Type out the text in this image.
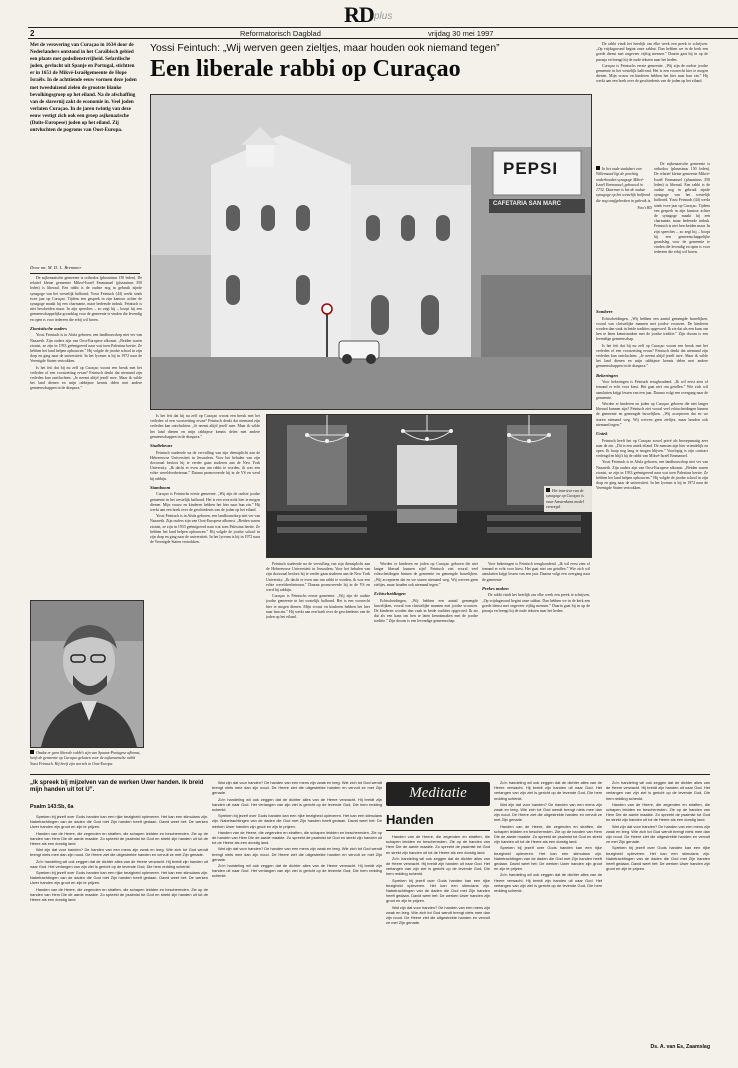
RD plus
2	Reformatorisch Dagblad	vrijdag 30 mei 1997
Met de verovering van Curaçao in 1634 door de Nederlanders ontstond in het Caraïbisch gebied een plaats met godsdienstvrijheid. Sefardische joden, gevlucht uit Spanje en Portugal, stichtten er in 1651 de Mikvé-Israëlgemeente de Hope Israëls. In de achttiende eeuw vormen deze joden met tweeduizend zielen de grootste blanke bevolkingsgroep op het eiland. Na de afschaffing van de slavernij zakt de economie in. Veel joden verlaten Curaçao. In de jaren twintig van deze eeuw vestigt zich ook een groep asjkenazische (Duits-Europese) joden op het eiland. Zij ontvluchten de pogroms van Oost-Europa.
Door mr. M. D. L. Bremmer

De asjkenazische gemeente is orthodox (plusminus 150 leden). De relatief kleine gemeente Mikvé-Israël Emmanuel (plusminus 350 leden) is liberaal. Een rabbi is de oudste nog in gebruik zijnde synagoge van het westelijk halfrond. Yossi Feintuch (44) werkt sinds twee jaar op Curaçao. Tijdens een gesprek in zijn kantoor achter de synagoge maakt hij een charmante, maar bedeesde indruk. Feintuch is niet bescheiden maar. In zijn speeches – zo zegt hij – hoopt hij een gemeenschappelijke grondslag voor de gemeente te vinden die levendig en open is voor iedereen die erbij wil horen.

Zionistische ouders

Yossi Feintuch is in Afula geboren, een landbouwdorp niet ver van Nazareth. Zijn ouders zijn van Oost-Europese afkomst. „Beiden waren zionist, ze zijn in 1933 geëmigreerd naar wat toen Palestina heette. Ze hebben het land helpen opbouwen.” Hij volgde de joodse school in zijn dorp en ging naar de universiteit. In het lyceum is hij in 1972 naar de Verenigde Staten vertrokken.

Is het feit dat hij nu zelf op Curaçao woont een breuk met het verleden of een voortzetting ervan? Feintuch denkt dat niemand zijn verleden kan ontvluchten. „Je neemt altijd jezelf mee. Maar ik wilde het land dienen en mijn rabbijnse kennis delen met andere gemeenschappen in de diaspora.”

Omdat er geen liberale rabbi's zijn van Spaans-Portugese afkomst, heeft de gemeente op Curaçao gekozen voor de asjkenazische rabbi Yossi Feintuch. Hij heeft zijn wortels in Oost-Europa.
Yossi Feintuch: „Wij werven geen zieltjes, maar houden ook niemand tegen”
Een liberale rabbi op Curaçao
PEPSI
CAFETARIA SAN MARC
In het oude stadshart van Willemstad ligt de prachtig onderhouden synagoge Mikvé-Israël Emmanuel, gebouwd in 1732. Daarmee is het de oudste synagoge op het westelijk halfrond die nog onafgebroken in gebruik is.
Foto's RD

De rabbi vindt het heerlijk om elke week een preek te schrijven. „Op vrijdagavond begint onze sabbat. Dan hebben we in de kerk een goede dienst met ongeveer vijftig mensen.” Daarin gaat hij in op de parasja en brengt hij de oude teksten naar het heden.

Curaçao is Feintuchs eerste gemeente. „Wij zijn de oudste joodse gemeente in het westelijk halfrond. Het is een voorrecht hier te mogen dienen. Mijn vrouw en kinderen hebben het hier naar hun zin.” Hij werkt aan een boek over de geschiedenis van de joden op het eiland.

De asjkenazische gemeente is orthodox (plusminus 150 leden). De relatief kleine gemeente Mikvé-Israël Emmanuel (plusminus 350 leden) is liberaal. Een rabbi is de oudste nog in gebruik zijnde synagoge van het westelijk halfrond. Yossi Feintuch (44) werkt sinds twee jaar op Curaçao. Tijdens een gesprek in zijn kantoor achter de synagoge maakt hij een charmante, maar bedeesde indruk. Feintuch is niet bescheiden maar. In zijn speeches – zo zegt hij – hoopt hij een gemeenschappelijke grondslag voor de gemeente te vinden die levendig en open is voor iedereen die erbij wil horen.

Sombere

Echtscheidingen, „Wij hebben een aantal gemengde huwelijken, vooral van christelijke mannen met joodse vrouwen. De kinderen worden dan vaak in beide tradities opgevoed. Ik zie dat als een kans om hen te laten kennismaken met de joodse traditie.” Zijn droom is een levendige gemeenschap.

Is het feit dat hij nu zelf op Curaçao woont een breuk met het verleden of een voortzetting ervan? Feintuch denkt dat niemand zijn verleden kan ontvluchten. „Je neemt altijd jezelf mee. Maar ik wilde het land dienen en mijn rabbijnse kennis delen met andere gemeenschappen in de diaspora.”

Bekeringen

Voor bekeringen is Feintuch terughoudend. „Ik wil eerst zien of iemand er echt voor kiest. Het gaat niet om getallen.” Wie zich wil aansluiten krijgt lessen van een jaar. Daarna volgt een overgang naar de gemeente.

Worden er kinderen en joden op Curaçao geboren die niet langer liberaal kunnen zijn? Feintuch ziet vooral veel echtscheidingen binnen de gemeente en gemengde huwelijken. „Wij accepteren dat en we sturen niemand weg. Wij werven geen zieltjes, maar houden ook niemand tegen.”

Uniek

Feintuch heeft het op Curaçao zowel privé als beroepsmatig zeer naar de zin. „Dit is een uniek eiland. De mensen zijn hier vriendelijk en open. Ik hoop nog lang te mogen blijven.” Voorlopig is zijn contract verlengd en blijft hij de rabbi van Mikvé-Israël Emmanuel.

Yossi Feintuch is in Afula geboren, een landbouwdorp niet ver van Nazareth. Zijn ouders zijn van Oost-Europese afkomst. „Beiden waren zionist, ze zijn in 1933 geëmigreerd naar wat toen Palestina heette. Ze hebben het land helpen opbouwen.” Hij volgde de joodse school in zijn dorp en ging naar de universiteit. In het lyceum is hij in 1972 naar de Verenigde Staten vertrokken.

Is het feit dat hij nu zelf op Curaçao woont een breuk met het verleden of een voortzetting ervan? Feintuch denkt dat niemand zijn verleden kan ontvluchten. „Je neemt altijd jezelf mee. Maar ik wilde het land dienen en mijn rabbijnse kennis delen met andere gemeenschappen in de diaspora.”

Studiebeurs

Feintuch studeerde na de vervulling van zijn dienstplicht aan de Hebreeuwse Universiteit in Jeruzalem. Voor het behalen van zijn doctoraal besloot hij te verder gaan studeren aan de New York University. „Ik dacht er even aan om rabbi te worden, ik was een echte wereldverbeteraar.” Daarna promoveerde hij in de VS en werd hij rabbijn.

Stamboom

Curaçao is Feintuchs eerste gemeente. „Wij zijn de oudste joodse gemeente in het westelijk halfrond. Het is een voorrecht hier te mogen dienen. Mijn vrouw en kinderen hebben het hier naar hun zin.” Hij werkt aan een boek over de geschiedenis van de joden op het eiland.

Yossi Feintuch is in Afula geboren, een landbouwdorp niet ver van Nazareth. Zijn ouders zijn van Oost-Europese afkomst. „Beiden waren zionist, ze zijn in 1933 geëmigreerd naar wat toen Palestina heette. Ze hebben het land helpen opbouwen.” Hij volgde de joodse school in zijn dorp en ging naar de universiteit. In het lyceum is hij in 1972 naar de Verenigde Staten vertrokken.

Feintuch studeerde na de vervulling van zijn dienstplicht aan de Hebreeuwse Universiteit in Jeruzalem. Voor het behalen van zijn doctoraal besloot hij te verder gaan studeren aan de New York University. „Ik dacht er even aan om rabbi te worden, ik was een echte wereldverbeteraar.” Daarna promoveerde hij in de VS en werd hij rabbijn.

Curaçao is Feintuchs eerste gemeente. „Wij zijn de oudste joodse gemeente in het westelijk halfrond. Het is een voorrecht hier te mogen dienen. Mijn vrouw en kinderen hebben het hier naar hun zin.” Hij werkt aan een boek over de geschiedenis van de joden op het eiland.

Worden er kinderen en joden op Curaçao geboren die niet langer liberaal kunnen zijn? Feintuch ziet vooral veel echtscheidingen binnen de gemeente en gemengde huwelijken. „Wij accepteren dat en we sturen niemand weg. Wij werven geen zieltjes, maar houden ook niemand tegen.”

Echtscheidingen

Echtscheidingen, „Wij hebben een aantal gemengde huwelijken, vooral van christelijke mannen met joodse vrouwen. De kinderen worden dan vaak in beide tradities opgevoed. Ik zie dat als een kans om hen te laten kennismaken met de joodse traditie.” Zijn droom is een levendige gemeenschap.

Voor bekeringen is Feintuch terughoudend. „Ik wil eerst zien of iemand er echt voor kiest. Het gaat niet om getallen.” Wie zich wil aansluiten krijgt lessen van een jaar. Daarna volgt een overgang naar de gemeente.

Prekes maken

De rabbi vindt het heerlijk om elke week een preek te schrijven. „Op vrijdagavond begint onze sabbat. Dan hebben we in de kerk een goede dienst met ongeveer vijftig mensen.” Daarin gaat hij in op de parasja en brengt hij de oude teksten naar het heden.

„Ik spreek bij mijzelven van de werken Uwer handen. Ik breid mijn handen uit tot U”.
Psalm 143:5b, 6a

Spreken bij jezelf over Gods handen kan een rijke bezigheid opleveren. Het kan een stimulans zijn. Nabetrachtingen van de daden die God met Zijn handen heeft gedaan. David weet het: De werken Uwer handen zijn groot en zijn te prijzen.

Handen van de Heere, die zegenden en straften, die schapen leidden en beschermden. Zie op de handen van Hem Die de aarde maakte. Zo spreekt de psalmist tot God en strekt zijn handen uit tot de Heere als een dorstig land.

Wat zijn dat voor handen? De handen van een mens zijn zwak en leeg. Wie zich tot God wendt brengt niets mee dan zijn nood. De Heere ziet die uitgestrekte handen en vervult ze met Zijn genade.

Zo'n handeling wil ook zeggen dat de dichter alles van de Heere verwacht. Hij breidt zijn handen uit naar God. Het verlangen van zijn ziel is gericht op de levende God, Die hem redding schenkt.

Spreken bij jezelf over Gods handen kan een rijke bezigheid opleveren. Het kan een stimulans zijn. Nabetrachtingen van de daden die God met Zijn handen heeft gedaan. David weet het: De werken Uwer handen zijn groot en zijn te prijzen.

Handen van de Heere, die zegenden en straften, die schapen leidden en beschermden. Zie op de handen van Hem Die de aarde maakte. Zo spreekt de psalmist tot God en strekt zijn handen uit tot de Heere als een dorstig land.

Wat zijn dat voor handen? De handen van een mens zijn zwak en leeg. Wie zich tot God wendt brengt niets mee dan zijn nood. De Heere ziet die uitgestrekte handen en vervult ze met Zijn genade.

Zo'n handeling wil ook zeggen dat de dichter alles van de Heere verwacht. Hij breidt zijn handen uit naar God. Het verlangen van zijn ziel is gericht op de levende God, Die hem redding schenkt.

Spreken bij jezelf over Gods handen kan een rijke bezigheid opleveren. Het kan een stimulans zijn. Nabetrachtingen van de daden die God met Zijn handen heeft gedaan. David weet het: De werken Uwer handen zijn groot en zijn te prijzen.

Handen van de Heere, die zegenden en straften, die schapen leidden en beschermden. Zie op de handen van Hem Die de aarde maakte. Zo spreekt de psalmist tot God en strekt zijn handen uit tot de Heere als een dorstig land.

Wat zijn dat voor handen? De handen van een mens zijn zwak en leeg. Wie zich tot God wendt brengt niets mee dan zijn nood. De Heere ziet die uitgestrekte handen en vervult ze met Zijn genade.

Zo'n handeling wil ook zeggen dat de dichter alles van de Heere verwacht. Hij breidt zijn handen uit naar God. Het verlangen van zijn ziel is gericht op de levende God, Die hem redding schenkt.

Meditatie
Handen

Handen van de Heere, die zegenden en straften, die schapen leidden en beschermden. Zie op de handen van Hem Die de aarde maakte. Zo spreekt de psalmist tot God en strekt zijn handen uit tot de Heere als een dorstig land.

Zo'n handeling wil ook zeggen dat de dichter alles van de Heere verwacht. Hij breidt zijn handen uit naar God. Het verlangen van zijn ziel is gericht op de levende God, Die hem redding schenkt.

Spreken bij jezelf over Gods handen kan een rijke bezigheid opleveren. Het kan een stimulans zijn. Nabetrachtingen van de daden die God met Zijn handen heeft gedaan. David weet het: De werken Uwer handen zijn groot en zijn te prijzen.

Wat zijn dat voor handen? De handen van een mens zijn zwak en leeg. Wie zich tot God wendt brengt niets mee dan zijn nood. De Heere ziet die uitgestrekte handen en vervult ze met Zijn genade.

Zo'n handeling wil ook zeggen dat de dichter alles van de Heere verwacht. Hij breidt zijn handen uit naar God. Het verlangen van zijn ziel is gericht op de levende God, Die hem redding schenkt.

Wat zijn dat voor handen? De handen van een mens zijn zwak en leeg. Wie zich tot God wendt brengt niets mee dan zijn nood. De Heere ziet die uitgestrekte handen en vervult ze met Zijn genade.

Handen van de Heere, die zegenden en straften, die schapen leidden en beschermden. Zie op de handen van Hem Die de aarde maakte. Zo spreekt de psalmist tot God en strekt zijn handen uit tot de Heere als een dorstig land.

Spreken bij jezelf over Gods handen kan een rijke bezigheid opleveren. Het kan een stimulans zijn. Nabetrachtingen van de daden die God met Zijn handen heeft gedaan. David weet het: De werken Uwer handen zijn groot en zijn te prijzen.

Zo'n handeling wil ook zeggen dat de dichter alles van de Heere verwacht. Hij breidt zijn handen uit naar God. Het verlangen van zijn ziel is gericht op de levende God, Die hem redding schenkt.

Zo'n handeling wil ook zeggen dat de dichter alles van de Heere verwacht. Hij breidt zijn handen uit naar God. Het verlangen van zijn ziel is gericht op de levende God, Die hem redding schenkt.

Handen van de Heere, die zegenden en straften, die schapen leidden en beschermden. Zie op de handen van Hem Die de aarde maakte. Zo spreekt de psalmist tot God en strekt zijn handen uit tot de Heere als een dorstig land.

Wat zijn dat voor handen? De handen van een mens zijn zwak en leeg. Wie zich tot God wendt brengt niets mee dan zijn nood. De Heere ziet die uitgestrekte handen en vervult ze met Zijn genade.

Spreken bij jezelf over Gods handen kan een rijke bezigheid opleveren. Het kan een stimulans zijn. Nabetrachtingen van de daden die God met Zijn handen heeft gedaan. David weet het: De werken Uwer handen zijn groot en zijn te prijzen.

Ds. A. van Es, Zaamslag
Het interieur van de synagoge op Curaçao is naar Amsterdams model verzorgd.
